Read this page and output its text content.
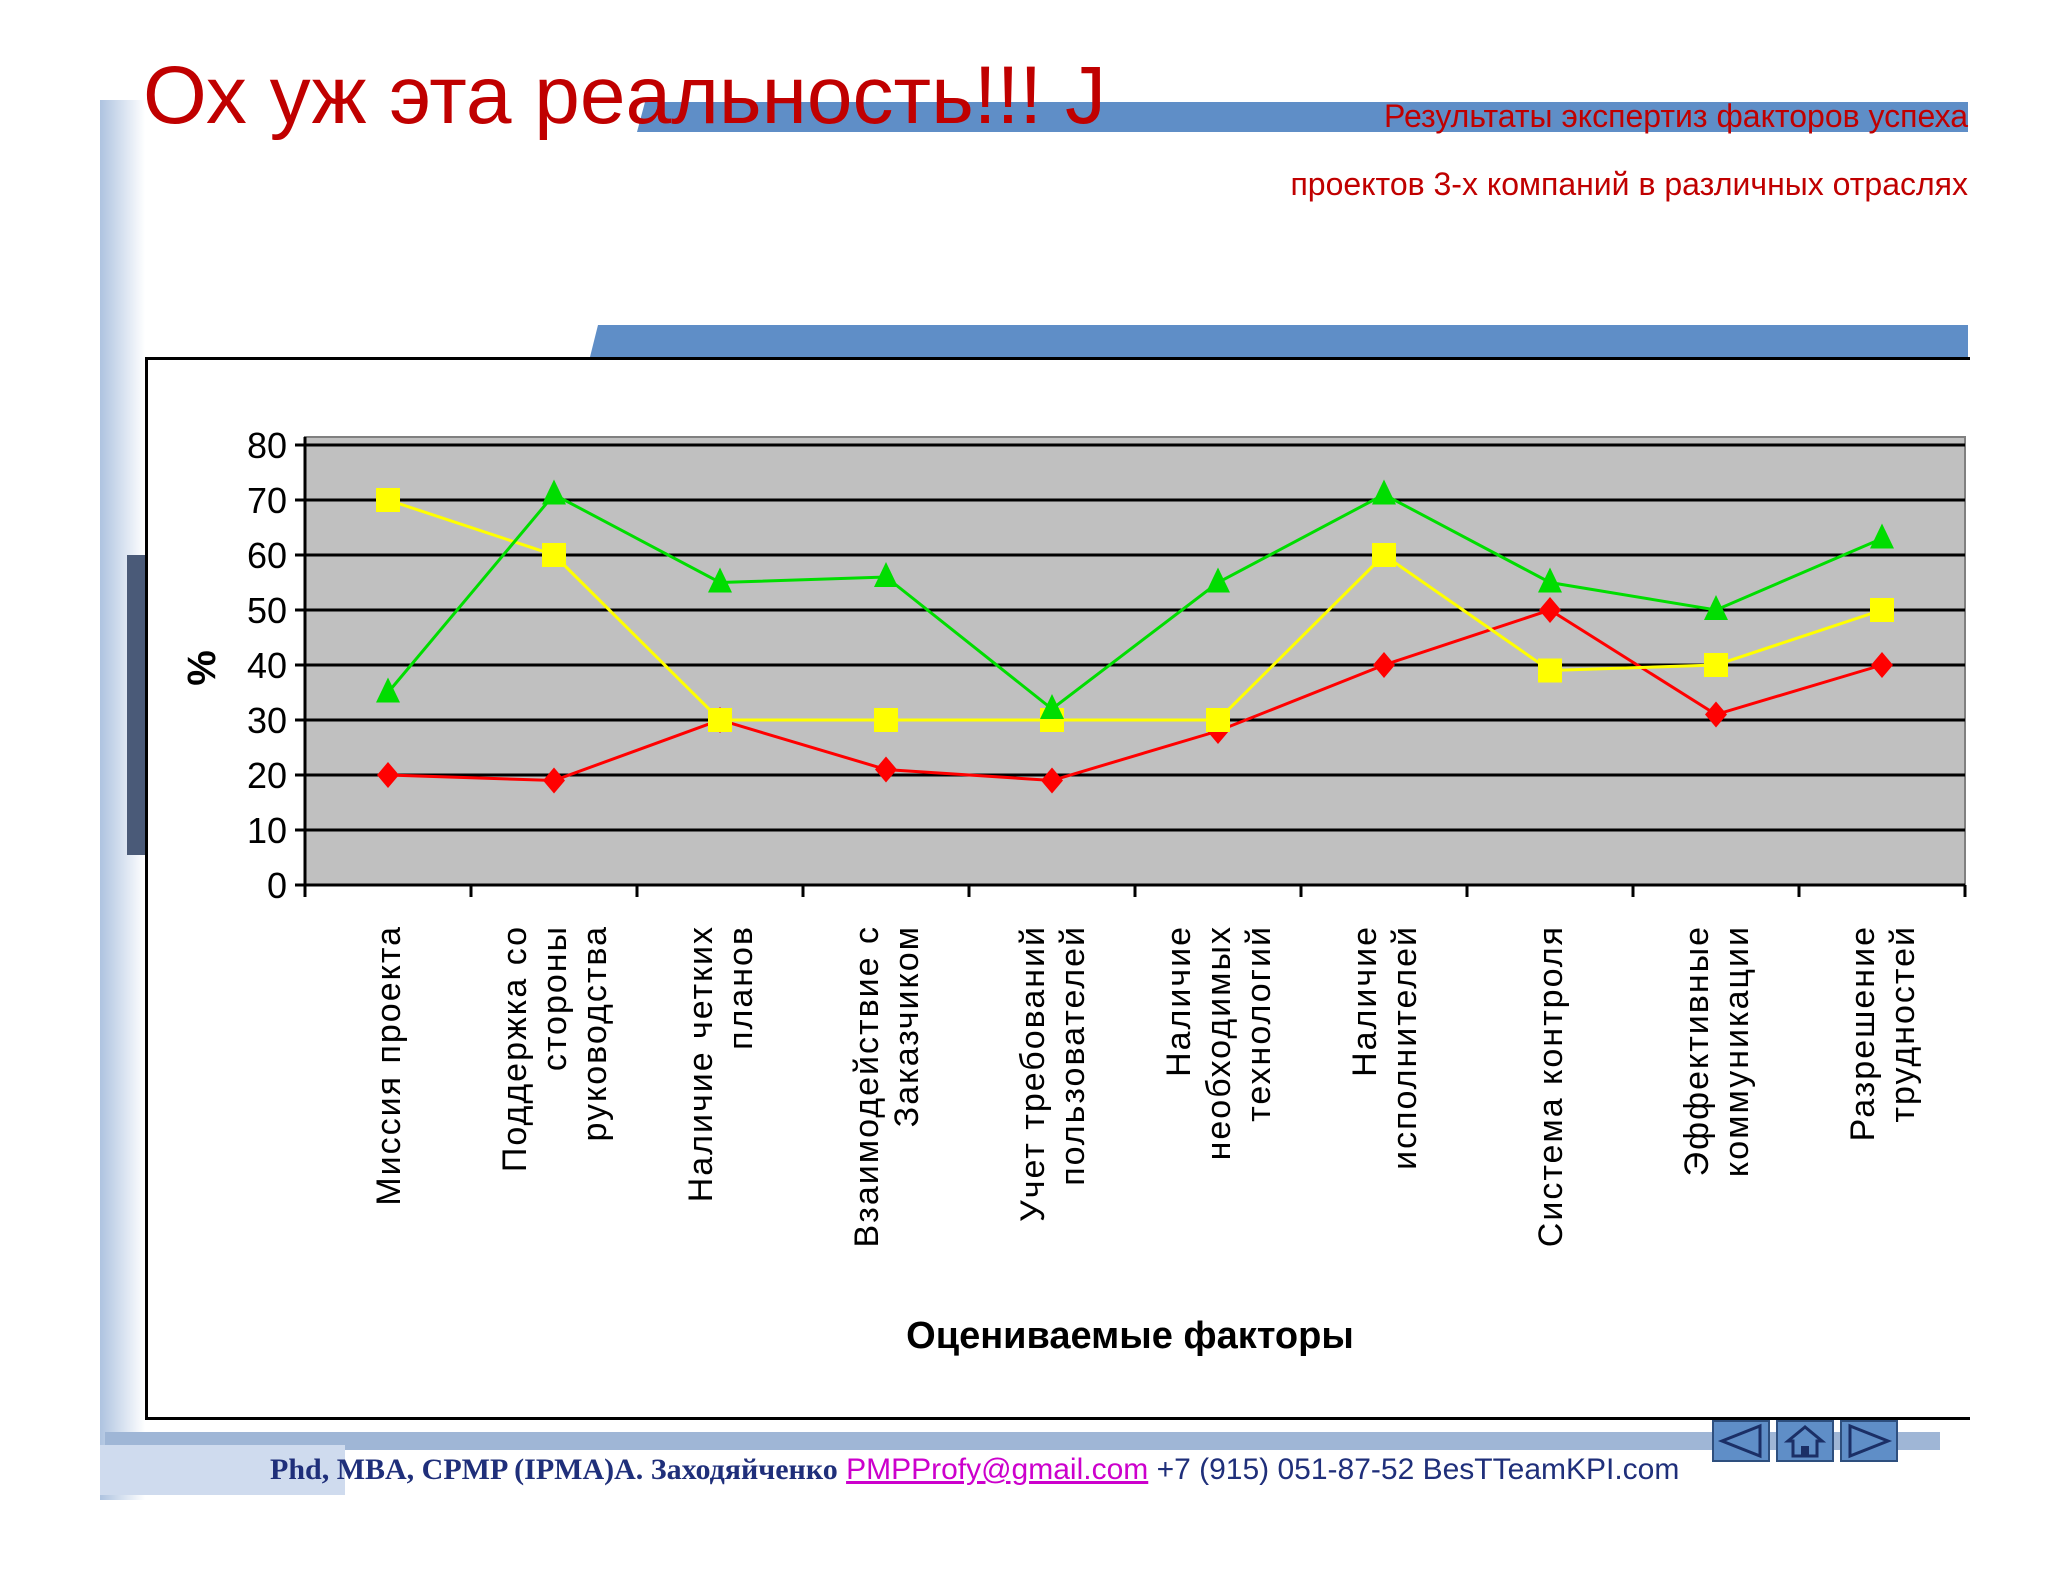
Ох уж эта реальность!!! J	Результаты экспертиз факторов успеха
проектов 3-х компаний в различных отраслях
0
10
20
30
40
50
60
70
80
Миссия проекта	Поддержка состороныруководства Наличие четкихпланов	Взаимодействие сЗаказчиком	Учет требованийпользователей Наличиенеобходимыхтехнологий Наличиеисполнителей	Система контроля	Эффективныекоммуникации	Разрешениетрудностей
%
Оцениваемые факторы
Phd, MBA, CPMP (IPMA)А. Заходяйченко PMPProfy@gmail.com +7 (915) 051-87-52 BesTTeamKPI.com
